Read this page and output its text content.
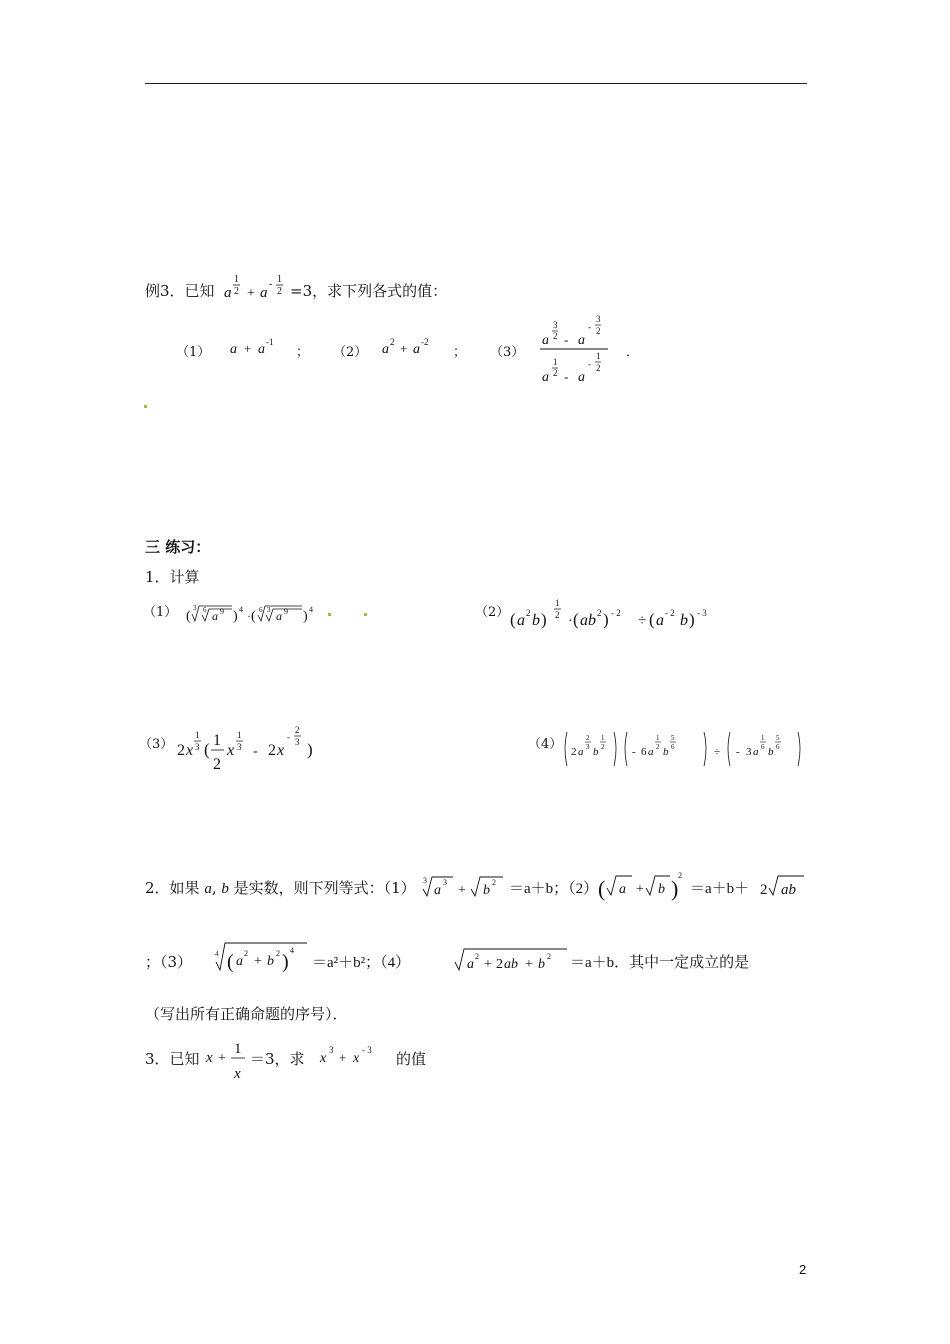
例3．已知 a
1
2 + a
- 1
2 =3，求下列各式的值：
（1） a + a -1
； （2） a 2 + a -2
； （3）
a
3
2 - a
-
3
2
a
1
2 - a
-
1
2
．
三 练习：
1．计算
（1） (
3 6 a 9 ) 4 · ( 6 3 a 9 ) 4	（2） ( a 2 b )
1
2 · ( ab 2 ) - 2 ÷ ( a - 2 b ) - 3
（3） 2 x
1
3 ( 1
2
x
1
3 - 2 x
-
2
3 )	（4） 2 a
2
3 b
1
2	- 6 a
1
2 b
5
6	÷ - 3 a
1
6 b
5
6
2．如果 a, b 是实数，则下列等式：（1） 3
a
3
+ b
2 ＝a＋b；（2） ( a + b )
2
＝a＋b＋ 2 ab
；（3）	4 ( a
2
+ b
2 )
4
＝a²＋b²；（4）	a
2
+ 2 ab + b
2 ＝a＋b．其中一定成立的是
（写出所有正确命题的序号）．
3．已知 x +
1
x
＝3，求 x
3 + x
- 3 的值
2
